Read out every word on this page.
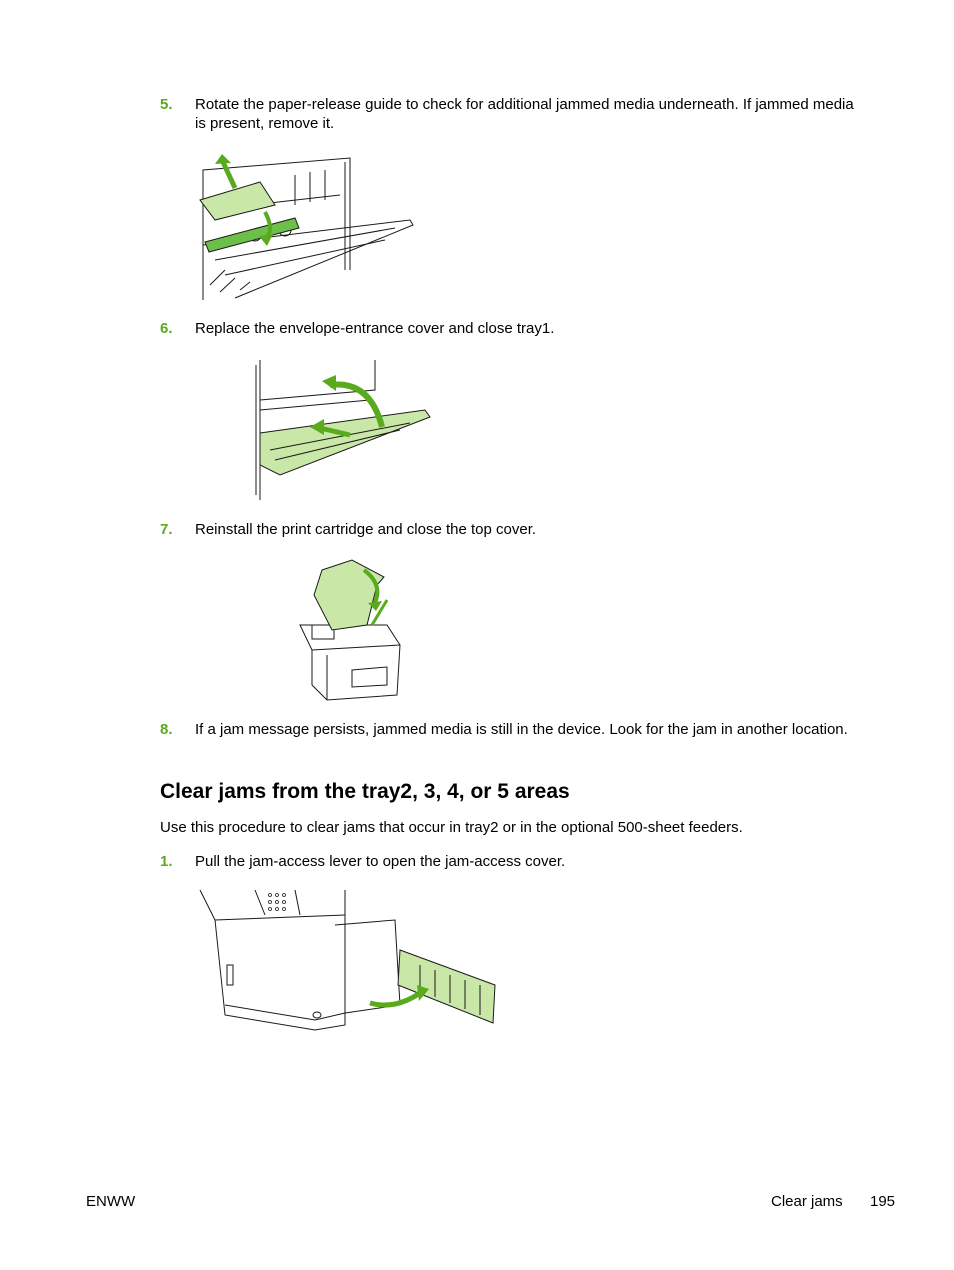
5. Rotate the paper-release guide to check for additional jammed media underneath. If jammed media is present, remove it.
6. Replace the envelope-entrance cover and close tray1.
7. Reinstall the print cartridge and close the top cover.
8. If a jam message persists, jammed media is still in the device. Look for the jam in another location.
Clear jams from the tray2, 3, 4, or 5 areas
Use this procedure to clear jams that occur in tray2 or in the optional 500-sheet feeders.
1. Pull the jam-access lever to open the jam-access cover.
ENWW	Clear jams 195
